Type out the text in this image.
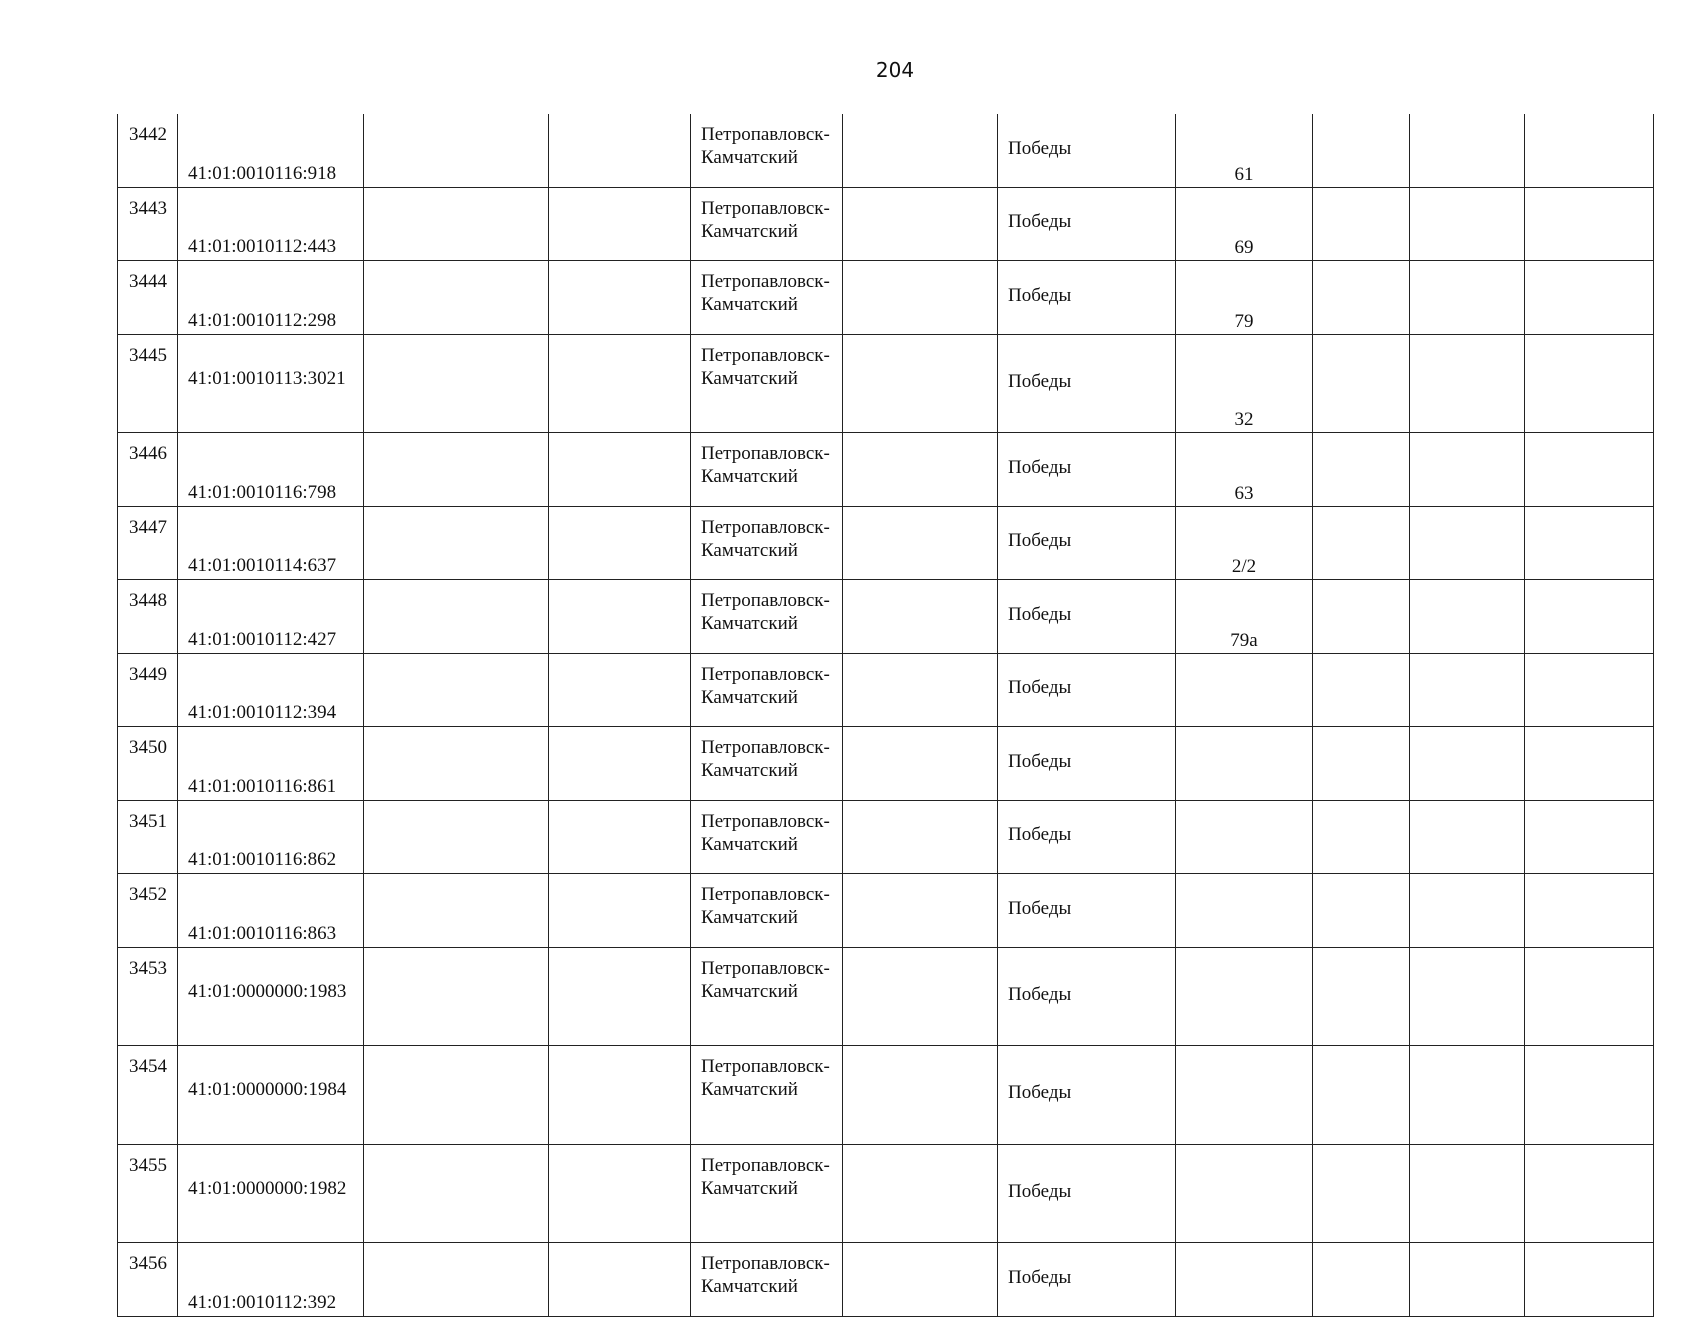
204
3442	41:01:0010116:918			Петропавловск-Камчатский		Победы	61			
3443	41:01:0010112:443			Петропавловск-Камчатский		Победы	69			
3444	41:01:0010112:298			Петропавловск-Камчатский		Победы	79			
3445	41:01:0010113:3021			Петропавловск-Камчатский		Победы	32			
3446	41:01:0010116:798			Петропавловск-Камчатский		Победы	63			
3447	41:01:0010114:637			Петропавловск-Камчатский		Победы	2/2			
3448	41:01:0010112:427			Петропавловск-Камчатский		Победы	79а			
3449	41:01:0010112:394			Петропавловск-Камчатский		Победы				
3450	41:01:0010116:861			Петропавловск-Камчатский		Победы				
3451	41:01:0010116:862			Петропавловск-Камчатский		Победы				
3452	41:01:0010116:863			Петропавловск-Камчатский		Победы				
3453	41:01:0000000:1983			Петропавловск-Камчатский		Победы				
3454	41:01:0000000:1984			Петропавловск-Камчатский		Победы				
3455	41:01:0000000:1982			Петропавловск-Камчатский		Победы				
3456	41:01:0010112:392			Петропавловск-Камчатский		Победы				
